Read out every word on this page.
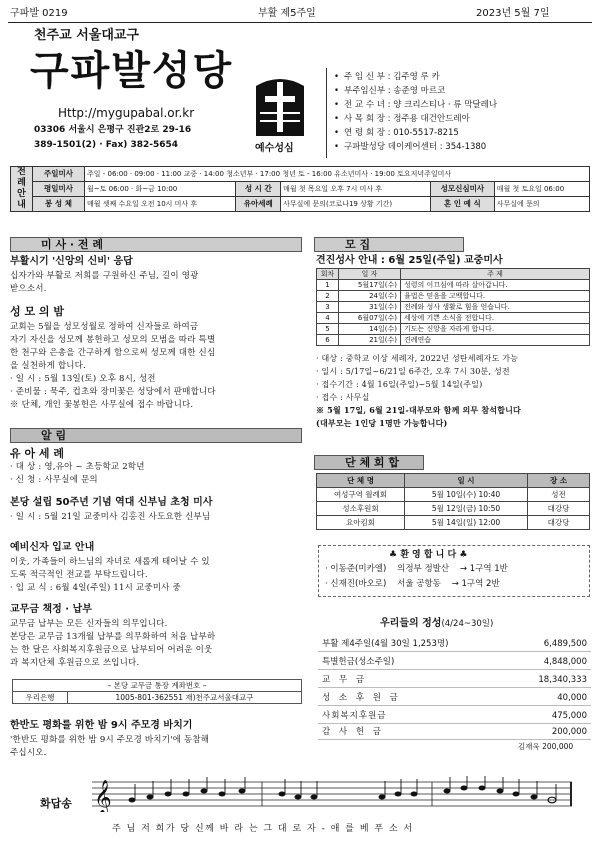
구파발 0219	부활 제5주일	2023년 5월 7일
천주교 서울대교구
구파발성당
Http://mygupabal.or.kr
03306 서울시 은평구 진관2로 29-16
389-1501(2) · Fax) 382-5654	예수성심
• 주 임 신 부 : 김주영 루 카
• 부주임신부 : 송준영 마르코
• 전 교 수 녀 : 양 크리스티나 · 류 막달레나
• 사 목 회 장 : 정주용 대건안드레아
• 연 령 회 장 : 010-5517-8215
• 구파발성당 데이케어센터 : 354-1380
전례안내	주일미사	주일 - 06:00 · 09:00 · 11:00 교중 · 14:00 청소년부 · 17:00 청년 토 - 16:00 유소년미사 · 19:00 토요저녁주일미사				
	평일미사	월~토 06:00 · 화~금 10:00	성 시 간	매월 첫 목요일 오후 7시 미사 후	성모신심미사	매월 첫 토요일 06:00
	봉 성 체	매월 셋째 수요일 오전 10시 미사 후	유아세례	사무실에 문의(코로나19 상황 기간)	혼 인 예 식	사무실에 문의
미 사 · 전 례
부활시기 '신앙의 신비' 응답
십자가와 부활로 저희를 구원하신 주님, 길이 영광
받으소서.
성 모 의 밤
교회는 5월을 성모성월로 정하여 신자들로 하여금
자기 자신을 성모께 봉헌하고 성모의 모범을 따라 특별
한 천구와 은총을 간구하게 함으로써 성모께 대한 신심
을 실천하게 합니다.
· 일 시 : 5월 13일(토) 오후 8시, 성전
· 준비물 : 묵주, 컵초와 장미꽃은 성당에서 판매합니다
※ 단체, 개인 꽃봉헌은 사무실에 접수 바랍니다.
알 림
유 아 세 례
· 대 상 : 영,유아 ~ 초등학교 2학년
· 신 청 : 사무실에 문의
본당 설립 50주년 기념 역대 신부님 초청 미사
· 일 시 : 5월 21일 교중미사 김홍진 사도요한 신부님
예비신자 입교 안내
이웃, 가족들이 하느님의 자녀로 새롭게 태어날 수 있
도록 적극적인 전교를 부탁드립니다.
· 입 교 식 : 6월 4일(주일) 11시 교중미사 중
교무금 책정 · 납부
교무금 납부는 모든 신자들의 의무입니다.
본당은 교무금 13개월 납부를 의무화하여 처음 납부하
는 한 달은 사회복지후원금으로 납부되어 어려운 이웃
과 복지단체 후원금으로 쓰입니다.
– 본당 교무금 통장 계좌번호 –
우리은행	1005-801-362551 재)천주교서울대교구
한반도 평화를 위한 밤 9시 주모경 바치기
'한반도 평화를 위한 밤 9시 주모경 바치기'에 동참해
주십시오.
모 집
견진성사 안내 : 6월 25일(주일) 교중미사
회차	일 자	주 제
1	5월17일(수)	성령의 이끄심에 따라 살아갑니다.
2	24일(수)	율법은 믿음을 고백합니다.
3	31일(수)	전례와 성사 생활로 힘을 얻습니다.
4	6월07일(수)	세상에 기쁜 소식을 전합니다.
5	14일(수)	기도는 신앙을 자라게 합니다.
6	21일(수)	견례연습
· 대상 : 중학교 이상 세례자, 2022년 성탄세례자도 가능
· 일시 : 5/17일~6/21일 6주간, 오후 7시 30분, 성전
· 접수기간 : 4월 16일(주일)~5월 14일(주일)
· 접수 : 사무실
※ 5월 17일, 6월 21일-대부모와 함께 의무 참석합니다
(대부모는 1인당 1명만 가능합니다)
단 체 회 합
단 체 명	일 시	장 소
여성구역 월례회	5월 10일(수) 10:40	성전
성소후원회	5월 12일(금) 10:50	대강당
요아킴회	5월 14일(일) 12:00	대강당
♣ 환 영 합 니 다 ♣
· 이동준(미카엘) 의정부 정발산 → 1구역 1반
· 신재진(바오로) 서울 공항동 → 1구역 2반
우리들의 정성(4/24~30일)
부활 제4주일(4월 30일 1,253명)	6,489,500
특별헌금(성소주일)	4,848,000
교 무 금	18,340,333
성 소 후 원 금	40,000
사회복지후원금	475,000
감 사 헌 금	200,000
김재욱 200,000
화답송 𝄞
주 님 저 희가 당 신께 바 라 는 그 대 로 자 - 애 를 베 푸 소 서
